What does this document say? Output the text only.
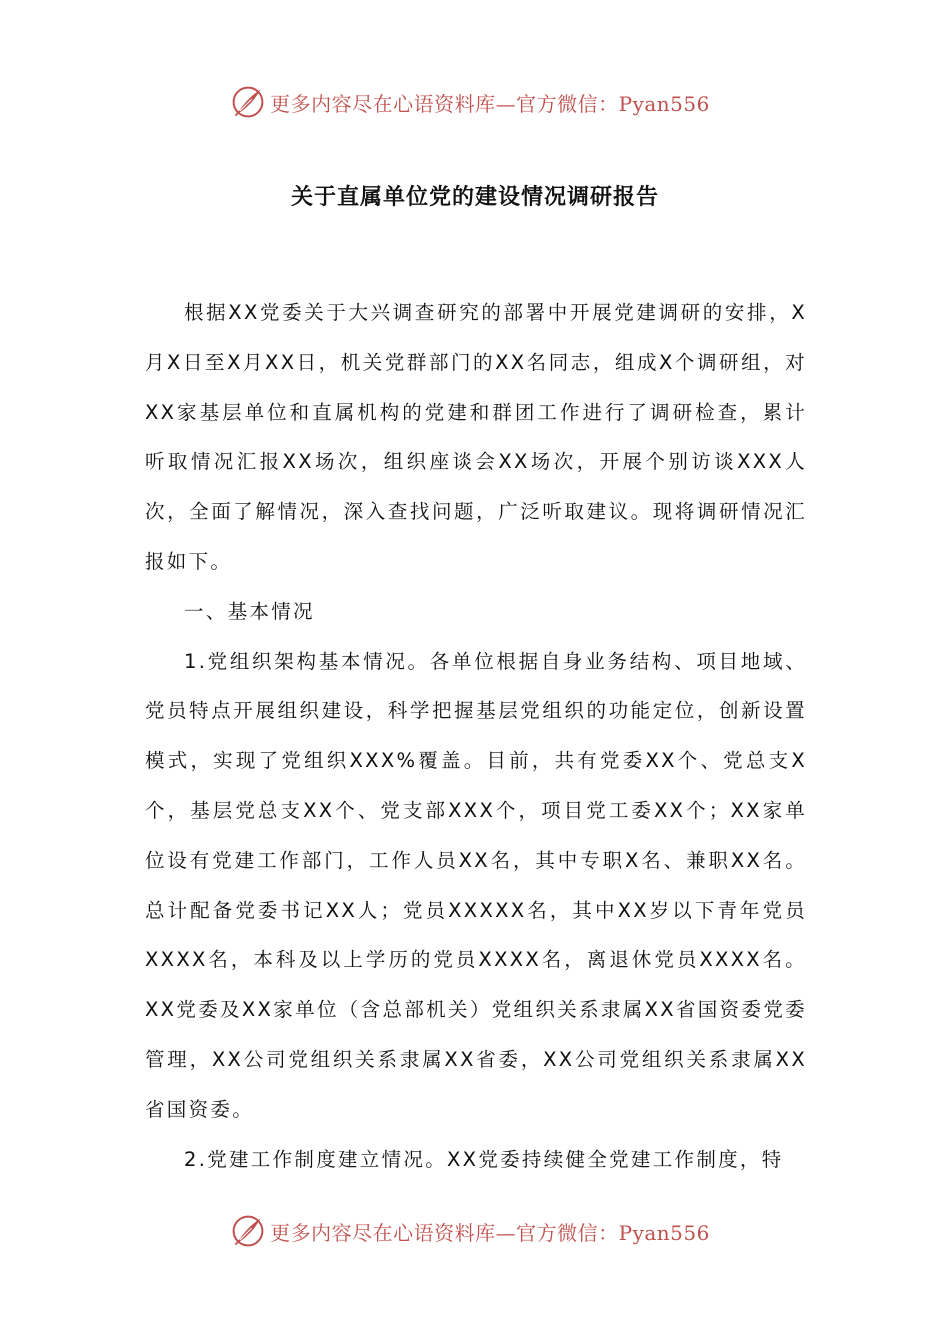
更多内容尽在心语资料库—官方微信：Pyan556
关于直属单位党的建设情况调研报告

根据XX党委关于大兴调查研究的部署中开展党建调研的安排，X月X日至X月XX日，机关党群部门的XX名同志，组成X个调研组，对XX家基层单位和直属机构的党建和群团工作进行了调研检查，累计听取情况汇报XX场次，组织座谈会XX场次，开展个别访谈XXX人次，全面了解情况，深入查找问题，广泛听取建议。现将调研情况汇报如下。

一、基本情况

1.党组织架构基本情况。各单位根据自身业务结构、项目地域、党员特点开展组织建设，科学把握基层党组织的功能定位，创新设置模式，实现了党组织XXX%覆盖。目前，共有党委XX个、党总支X个，基层党总支XX个、党支部XXX个，项目党工委XX个；XX家单位设有党建工作部门，工作人员XX名，其中专职X名、兼职XX名。总计配备党委书记XX人；党员XXXXX名，其中XX岁以下青年党员XXXX名，本科及以上学历的党员XXXX名，离退休党员XXXX名。XX党委及XX家单位（含总部机关）党组织关系隶属XX省国资委党委管理，XX公司党组织关系隶属XX省委，XX公司党组织关系隶属XX省国资委。

2.党建工作制度建立情况。XX党委持续健全党建工作制度，特

更多内容尽在心语资料库—官方微信：Pyan556
